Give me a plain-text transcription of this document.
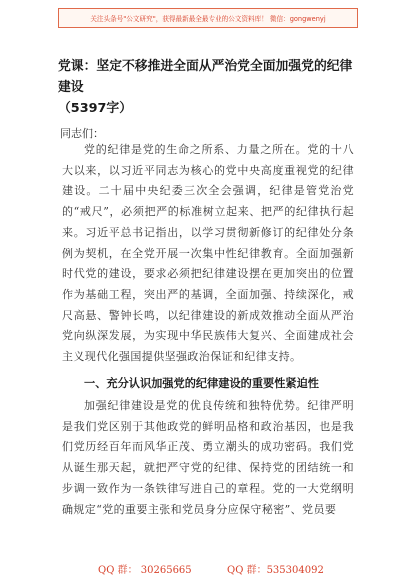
关注头条号"公文研究"，获得最新最全最专业的公文资料库！ 微信：gongwenyj
党课：坚定不移推进全面从严治党全面加强党的纪律建设
（5397字）
同志们：
党的纪律是党的生命之所系、力量之所在。党的十八大以来，以习近平同志为核心的党中央高度重视党的纪律建设。二十届中央纪委三次全会强调，纪律是管党治党的“戒尺”，必须把严的标准树立起来、把严的纪律执行起来。习近平总书记指出，以学习贯彻新修订的纪律处分条例为契机，在全党开展一次集中性纪律教育。全面加强新时代党的建设，要求必须把纪律建设摆在更加突出的位置作为基础工程，突出严的基调，全面加强、持续深化，戒尺高悬、警钟长鸣，以纪律建设的新成效推动全面从严治党向纵深发展，为实现中华民族伟大复兴、全面建成社会主义现代化强国提供坚强政治保证和纪律支持。
一、充分认识加强党的纪律建设的重要性紧迫性
加强纪律建设是党的优良传统和独特优势。纪律严明是我们党区别于其他政党的鲜明品格和政治基因，也是我们党历经百年而风华正茂、勇立潮头的成功密码。我们党从诞生那天起，就把严守党的纪律、保持党的团结统一和步调一致作为一条铁律写进自己的章程。党的一大党纲明确规定“党的重要主张和党员身分应保守秘密”、党员要
QQ 群： 30265665	QQ 群：535304092
